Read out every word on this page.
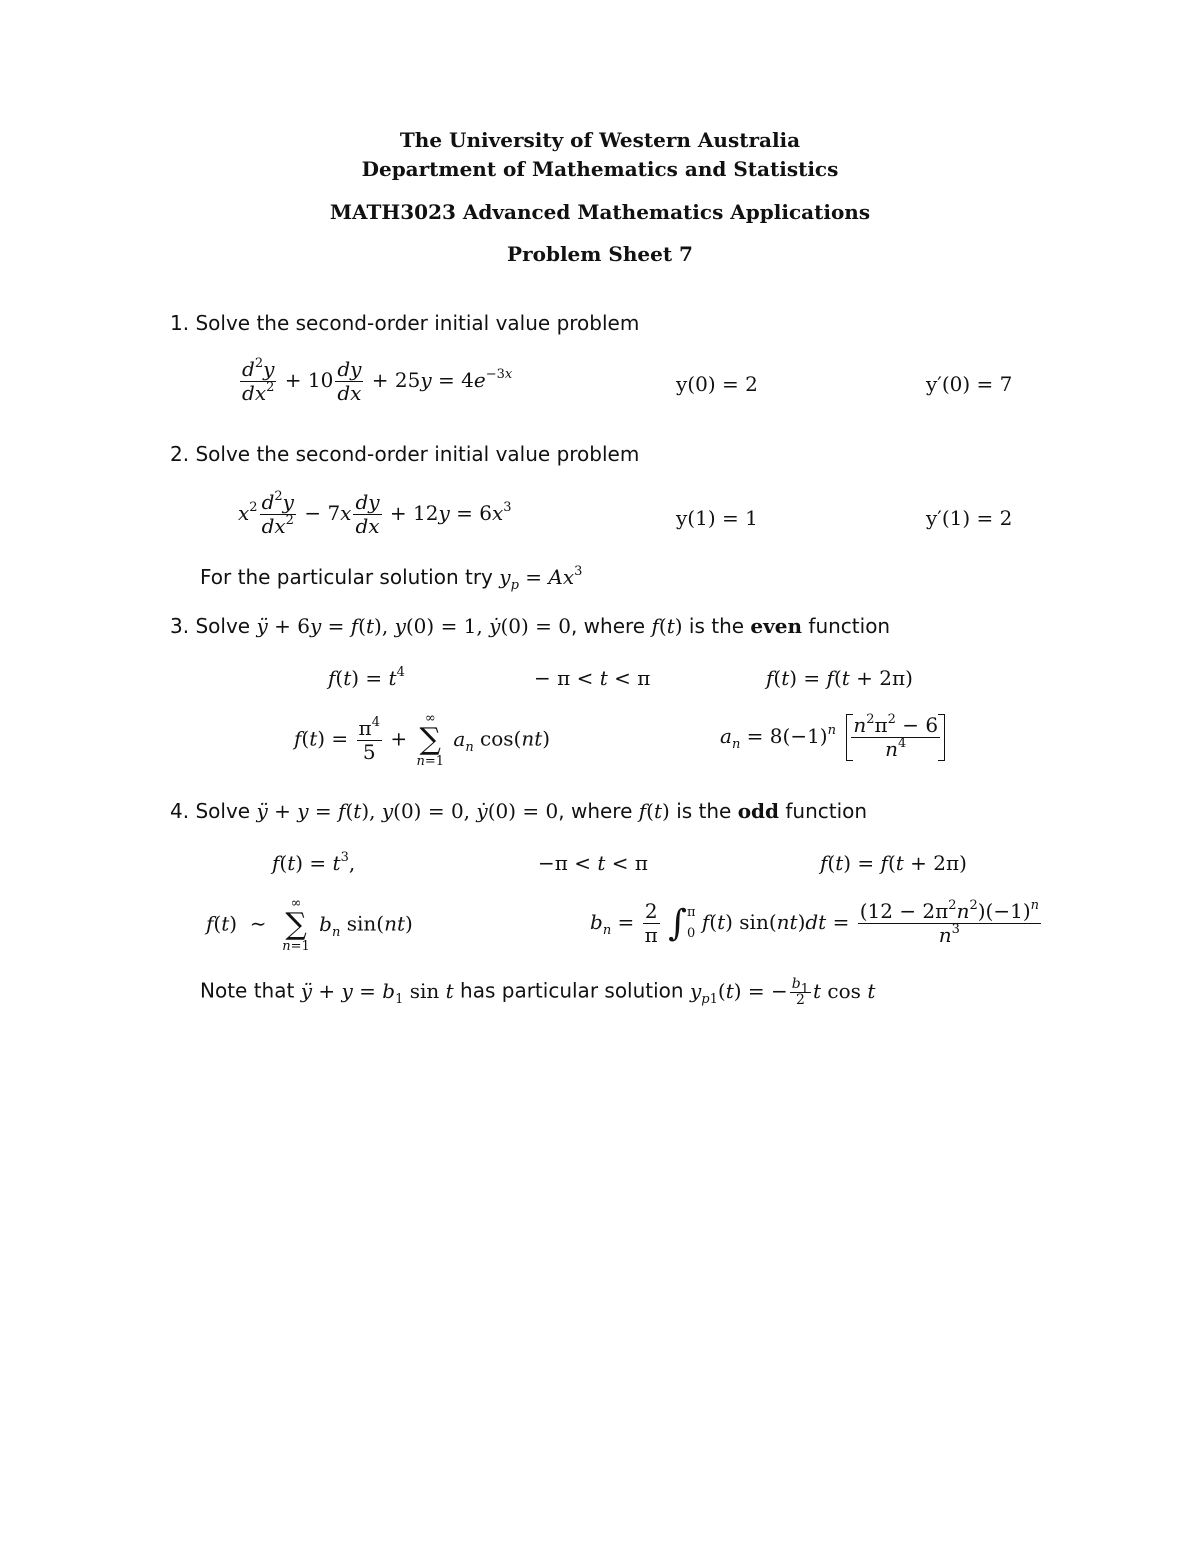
The University of Western Australia
Department of Mathematics and Statistics
MATH3023 Advanced Mathematics Applications
Problem Sheet 7
1. Solve the second-order initial value problem
$\frac{d^2y}{dx^2} + 10 \frac{dy}{dx} + 25y = 4e^{-3x}$	y(0) = 2	y′(0) = 7
2. Solve the second-order initial value problem
$x^2 \frac{d^2y}{dx^2} - 7x \frac{dy}{dx} + 12y = 6x^3$	y(1) = 1	y′(1) = 2
For the particular solution try $y_p = Ax^3$
3. Solve ÿ + 6y = f(t), y(0) = 1, ẏ(0) = 0, where f(t) is the even function
$f(t) = t^4$	− π < t < π	f(t) = f(t + 2π)
$f(t) = \frac{\pi^4}{5}$ +
∞
∑
n=1
$a_n$ cos(nt)	$a_n = 8(-1)^n \frac{n^2\pi^2 - 6}{n^4}$
4. Solve ÿ + y = f(t), y(0) = 0, ẏ(0) = 0, where f(t) is the odd function
$f(t) = t^3$,	−π < t < π	f(t) = f(t + 2π)
f(t)  ∼
∞
∑
n=1
$b_n$ sin(nt)	$b_n = \frac{2}{\pi}$ ∫ π
0 f(t) $\sin(nt)dt = \frac{(12 - 2\pi^2n^2)(-1)^n}{n^3}$
Note that ÿ + $y = b_1$ sin t has particular solution $y_{p1}(t)$ = − $\frac{b_1}{2}$ t cos t
